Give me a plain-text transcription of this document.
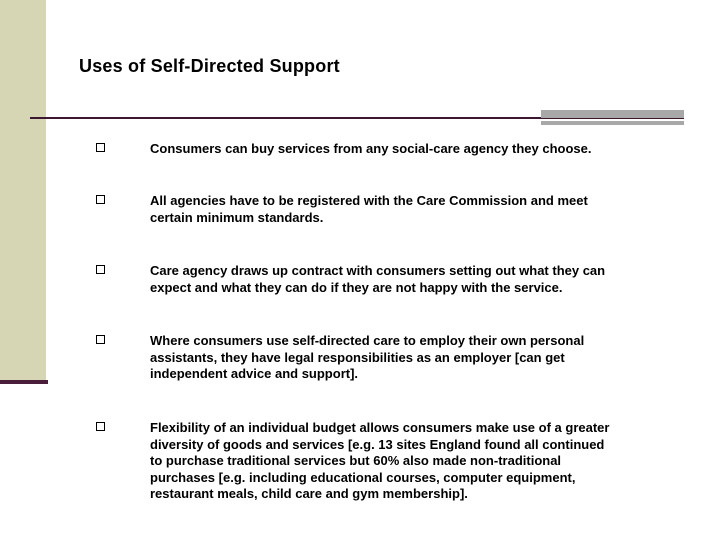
Uses of Self-Directed Support
Consumers can buy services from any social-care agency they choose.
All agencies have to be registered with the Care Commission and meet
certain minimum standards.
Care agency draws up contract with consumers setting out what they can
expect and what they can do if they are not happy with the service.
Where consumers use self-directed care to employ their own personal
assistants, they have legal responsibilities as an employer [can get
independent advice and support].
Flexibility of an individual budget allows consumers make use of a greater
diversity of goods and services [e.g. 13 sites England found all continued
to purchase traditional services but 60% also made non-traditional
purchases [e.g. including educational courses, computer equipment,
restaurant meals, child care and gym membership].
